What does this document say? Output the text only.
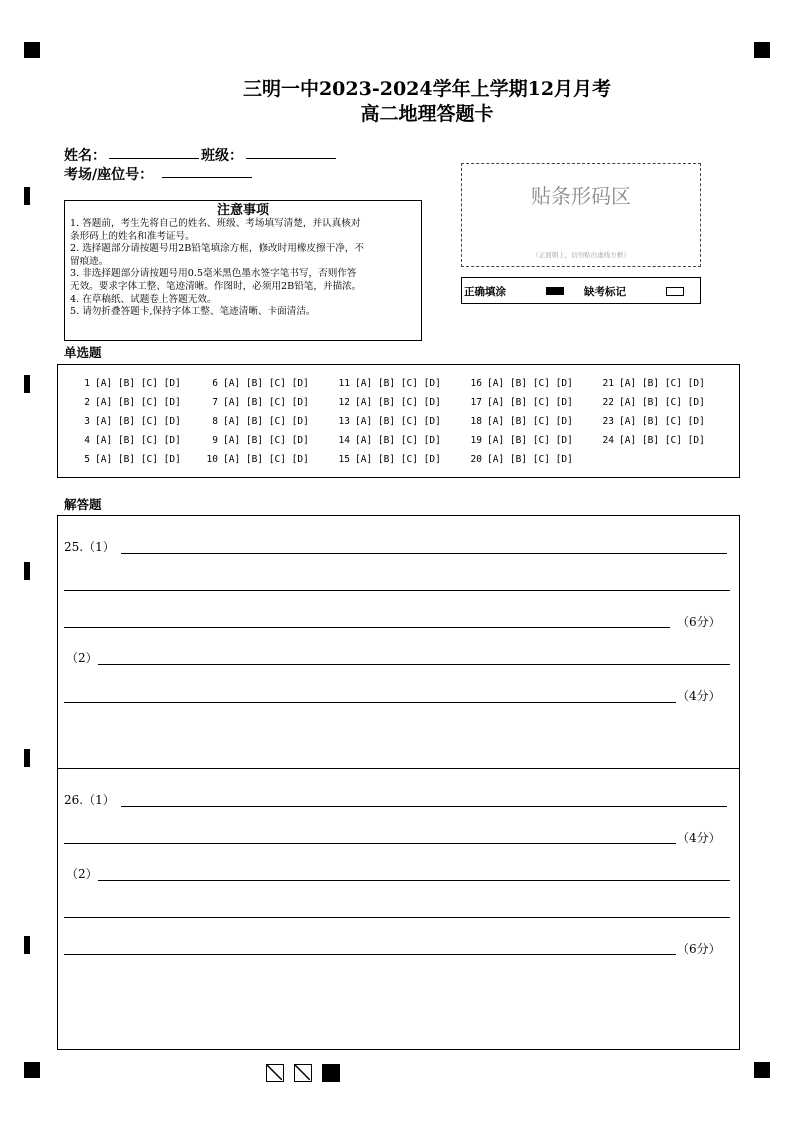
三明一中2023-2024学年上学期12月月考
高二地理答题卡
姓名：	班级：
考场/座位号：
注意事项
1. 答题前，考生先将自己的姓名、班级、考场填写清楚，并认真核对
条形码上的姓名和准考证号。
2. 选择题部分请按题号用2B铅笔填涂方框，修改时用橡皮擦干净，不
留痕迹。
3. 非选择题部分请按题号用0.5毫米黑色墨水签字笔书写，否则作答
无效。要求字体工整、笔迹清晰。作图时，必须用2B铅笔，并描浓。
4. 在草稿纸、试题卷上答题无效。
5. 请勿折叠答题卡,保持字体工整、笔迹清晰、卡面清洁。
贴条形码区
（正面朝上，切勿贴出虚线方框）
正确填涂	缺考标记
单选题
1 [A] [B] [C] [D]
2 [A] [B] [C] [D]
3 [A] [B] [C] [D]
4 [A] [B] [C] [D]
5 [A] [B] [C] [D]
6 [A] [B] [C] [D]
7 [A] [B] [C] [D]
8 [A] [B] [C] [D]
9 [A] [B] [C] [D]
10 [A] [B] [C] [D]
11 [A] [B] [C] [D]
12 [A] [B] [C] [D]
13 [A] [B] [C] [D]
14 [A] [B] [C] [D]
15 [A] [B] [C] [D]
16 [A] [B] [C] [D]
17 [A] [B] [C] [D]
18 [A] [B] [C] [D]
19 [A] [B] [C] [D]
20 [A] [B] [C] [D]
21 [A] [B] [C] [D]
22 [A] [B] [C] [D]
23 [A] [B] [C] [D]
24 [A] [B] [C] [D]
解答题
25.（1）
（6分）
（2）
（4分）
26.（1）
（4分）
（2）
（6分）
